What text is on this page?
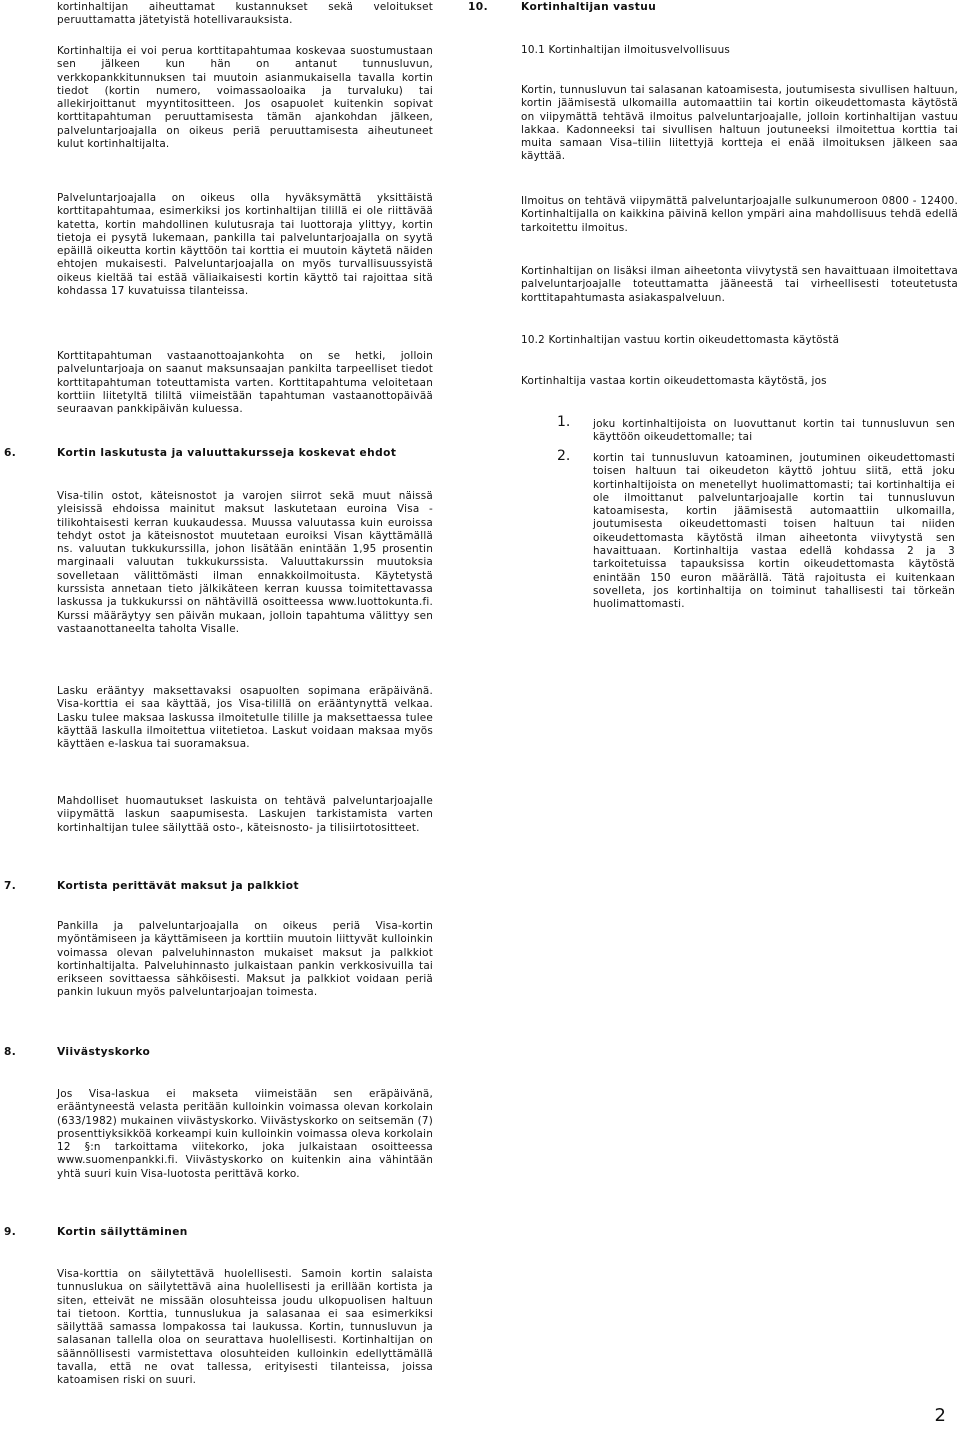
kortinhaltijan aiheuttamat kustannukset sekä veloitukset peruuttamatta jätetyistä hotellivarauksista.

Kortinhaltija ei voi perua korttitapahtumaa koskevaa suostumustaan sen jälkeen kun hän on antanut tunnusluvun, verkkopankkitunnuksen tai muutoin asianmukaisella tavalla kortin tiedot (kortin numero, voimassaoloaika ja turvaluku) tai allekirjoittanut myyntitositteen. Jos osapuolet kuitenkin sopivat korttitapahtuman peruuttamisesta tämän ajankohdan jälkeen, palveluntarjoajalla on oikeus periä peruuttamisesta aiheutuneet kulut kortinhaltijalta.

Palveluntarjoajalla on oikeus olla hyväksymättä yksittäistä korttitapahtumaa, esimerkiksi jos kortinhaltijan tilillä ei ole riittävää katetta, kortin mahdollinen kulutusraja tai luottoraja ylittyy, kortin tietoja ei pysytä lukemaan, pankilla tai palveluntarjoajalla on syytä epäillä oikeutta kortin käyttöön tai korttia ei muutoin käytetä näiden ehtojen mukaisesti. Palveluntarjoajalla on myös turvallisuussyistä oikeus kieltää tai estää väliaikaisesti kortin käyttö tai rajoittaa sitä kohdassa 17 kuvatuissa tilanteissa.

Korttitapahtuman vastaanottoajankohta on se hetki, jolloin palveluntarjoaja on saanut maksunsaajan pankilta tarpeelliset tiedot korttitapahtuman toteuttamista varten. Korttitapahtuma veloitetaan korttiin liitetyltä tililtä viimeistään tapahtuman vastaanottopäivää seuraavan pankkipäivän kuluessa.

6.	Kortin laskutusta ja valuuttakursseja koskevat ehdot

Visa-tilin ostot, käteisnostot ja varojen siirrot sekä muut näissä yleisissä ehdoissa mainitut maksut laskutetaan euroina Visa -tilikohtaisesti kerran kuukaudessa. Muussa valuutassa kuin euroissa tehdyt ostot ja käteisnostot muutetaan euroiksi Visan käyttämällä ns. valuutan tukkukurssilla, johon lisätään enintään 1,95 prosentin marginaali valuutan tukkukurssista. Valuuttakurssin muutoksia sovelletaan välittömästi ilman ennakkoilmoitusta. Käytetystä kurssista annetaan tieto jälkikäteen kerran kuussa toimitettavassa laskussa ja tukkukurssi on nähtävillä osoitteessa www.luottokunta.fi. Kurssi määräytyy sen päivän mukaan, jolloin tapahtuma välittyy sen vastaanottaneelta taholta Visalle.

Lasku erääntyy maksettavaksi osapuolten sopimana eräpäivänä. Visa-korttia ei saa käyttää, jos Visa-tilillä on erääntynyttä velkaa. Lasku tulee maksaa laskussa ilmoitetulle tilille ja maksettaessa tulee käyttää laskulla ilmoitettua viitetietoa. Laskut voidaan maksaa myös käyttäen e-laskua tai suoramaksua.

Mahdolliset huomautukset laskuista on tehtävä palveluntarjoajalle viipymättä laskun saapumisesta. Laskujen tarkistamista varten kortinhaltijan tulee säilyttää osto-, käteisnosto- ja tilisiirtotositteet.

7.	Kortista perittävät maksut ja palkkiot

Pankilla ja palveluntarjoajalla on oikeus periä Visa-kortin myöntämiseen ja käyttämiseen ja korttiin muutoin liittyvät kulloinkin voimassa olevan palveluhinnaston mukaiset maksut ja palkkiot kortinhaltijalta. Palveluhinnasto julkaistaan pankin verkkosivuilla tai erikseen sovittaessa sähköisesti. Maksut ja palkkiot voidaan periä pankin lukuun myös palveluntarjoajan toimesta.

8.	Viivästyskorko

Jos Visa-laskua ei makseta viimeistään sen eräpäivänä, erääntyneestä velasta peritään kulloinkin voimassa olevan korkolain (633/1982) mukainen viivästyskorko. Viivästyskorko on seitsemän (7) prosenttiyksikköä korkeampi kuin kulloinkin voimassa oleva korkolain 12 §:n tarkoittama viitekorko, joka julkaistaan osoitteessa www.suomenpankki.fi. Viivästyskorko on kuitenkin aina vähintään yhtä suuri kuin Visa-luotosta perittävä korko.

9.	Kortin säilyttäminen

Visa-korttia on säilytettävä huolellisesti. Samoin kortin salaista tunnuslukua on säilytettävä aina huolellisesti ja erillään kortista ja siten, etteivät ne missään olosuhteissa joudu ulkopuolisen haltuun tai tietoon. Korttia, tunnuslukua ja salasanaa ei saa esimerkiksi säilyttää samassa lompakossa tai laukussa. Kortin, tunnusluvun ja salasanan tallella oloa on seurattava huolellisesti. Kortinhaltijan on säännöllisesti varmistettava olosuhteiden kulloinkin edellyttämällä tavalla, että ne ovat tallessa, erityisesti tilanteissa, joissa katoamisen riski on suuri.

10.	Kortinhaltijan vastuu

10.1 Kortinhaltijan ilmoitusvelvollisuus

Kortin, tunnusluvun tai salasanan katoamisesta, joutumisesta sivullisen haltuun, kortin jäämisestä ulkomailla automaattiin tai kortin oikeudettomasta käytöstä on viipymättä tehtävä ilmoitus palveluntarjoajalle, jolloin kortinhaltijan vastuu lakkaa. Kadonneeksi tai sivullisen haltuun joutuneeksi ilmoitettua korttia tai muita samaan Visa–tiliin liitettyjä kortteja ei enää ilmoituksen jälkeen saa käyttää.

Ilmoitus on tehtävä viipymättä palveluntarjoajalle sulkunumeroon 0800 - 12400. Kortinhaltijalla on kaikkina päivinä kellon ympäri aina mahdollisuus tehdä edellä tarkoitettu ilmoitus.

Kortinhaltijan on lisäksi ilman aiheetonta viivytystä sen havaittuaan ilmoitettava palveluntarjoajalle toteuttamatta jääneestä tai virheellisesti toteutetusta korttitapahtumasta asiakaspalveluun.

10.2 Kortinhaltijan vastuu kortin oikeudettomasta käytöstä

Kortinhaltija vastaa kortin oikeudettomasta käytöstä, jos

1. joku kortinhaltijoista on luovuttanut kortin tai tunnusluvun sen käyttöön oikeudettomalle; tai
2. kortin tai tunnusluvun katoaminen, joutuminen oikeudettomasti toisen haltuun tai oikeudeton käyttö johtuu siitä, että joku kortinhaltijoista on menetellyt huolimattomasti; tai kortinhaltija ei ole ilmoittanut palveluntarjoajalle kortin tai tunnusluvun katoamisesta, kortin jäämisestä automaattiin ulkomailla, joutumisesta oikeudettomasti toisen haltuun tai niiden oikeudettomasta käytöstä ilman aiheetonta viivytystä sen havaittuaan. Kortinhaltija vastaa edellä kohdassa 2 ja 3 tarkoitetuissa tapauksissa kortin oikeudettomasta käytöstä enintään 150 euron määrällä. Tätä rajoitusta ei kuitenkaan sovelleta, jos kortinhaltija on toiminut tahallisesti tai törkeän huolimattomasti.
2
